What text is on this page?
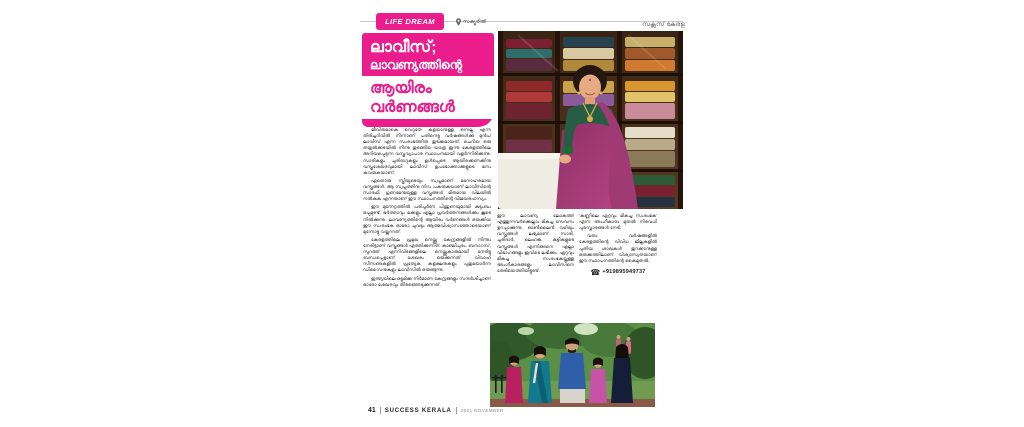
LIFE DREAM	സക്യൂരിൽ	സക്സസ് കേരള
ലാവീസ്;
ലാവണ്യത്തിന്റെ
ആയിരം
വർണങ്ങൾ

ജീവിതമാകെ വെറുതേ കളയാനുള്ള ഒന്നല്ല എന്ന തിരിച്ചറിവിൽ നിന്നാണ് പതിനെട്ടു വർഷങ്ങൾക്കു മുൻപ് ലാവീസ് എന്ന സംരംഭത്തിനു തുടക്കമായത്. ചെറിയ ഒരു തയ്യൽക്കടയിൽ നിന്നു തുടങ്ങിയ യാത്ര ഇന്നു കേരളത്തിലെ അറിയപ്പെടുന്ന വസ്ത്രവ്യാപാര സ്ഥാപനമായി വളർന്നിരിക്കുന്നു. സാരികളും ചുരിദാറുകളും ഉൾപ്പെടെ ആയിരക്കണക്കിനു വസ്ത്രശേഖരവുമായി ലാവീസ് ഉപഭോക്താക്കളുടെ മനം കവരുകയാണ്.

ഏതൊരു സ്ത്രീയുടെയും സ്വപ്നമാണ് മനോഹരമായ വസ്ത്രങ്ങൾ. ആ സ്വപ്നത്തിനു നിറം പകരുകയാണ് ലാവീസിന്റെ സാരഥി. ഗുണമേന്മയുള്ള വസ്ത്രങ്ങൾ മിതമായ വിലയിൽ നൽകുക എന്നതാണ് ഈ സ്ഥാപനത്തിന്റെ വിജയരഹസ്യം.

ഈ മുന്നേറ്റത്തിൽ പരിപൂർണ പിന്തുണയുമായി കുടുംബം ഒപ്പമുണ്ട്. ഭർത്താവും മക്കളും എല്ലാ പ്രവർത്തനങ്ങൾക്കും കൂടെ നിൽക്കുന്നു. ലാവണ്യത്തിന്റെ ആയിരം വർണങ്ങൾ ഒരുക്കിയ ഈ സംരംഭക ഓരോ ചുവടും ആത്മവിശ്വാസത്തോടെയാണ് മുന്നോട്ടു വയ്ക്കുന്നത്.

കേരളത്തിലെ പ്രമുഖ നെയ്ത്തു കേന്ദ്രങ്ങളിൽ നിന്നും നേരിട്ടാണ് വസ്ത്രങ്ങൾ എത്തിക്കുന്നത്. കാഞ്ചീപുരം, ബനാറസ്, സൂറത്ത് എന്നിവിടങ്ങളിലെ നെയ്ത്തുകാരുമായി നേരിട്ടു ബന്ധപ്പെട്ടാണ് ശേഖരം ഒരുക്കുന്നത്. വിവാഹ സീസണുകളിൽ പ്രത്യേക കളക്ഷനുകളും പുതുമയാർന്ന ഡിസൈനുകളും ലാവീസിൽ ഒരുങ്ങുന്നു.

ഇന്ത്യയിലെ ഒട്ടുമിക്ക നിർമാണ കേന്ദ്രങ്ങളും സന്ദർശിച്ചാണ് ഓരോ ശേഖരവും തിരഞ്ഞെടുക്കുന്നത്.

ഈ ലാവണ്യ ലോകത്ത് എത്തുന്നവർക്കെല്ലാം മികച്ച സേവനം ഉറപ്പാക്കുന്നു. ഓൺലൈൻ വഴിയും വസ്ത്രങ്ങൾ ലഭ്യമാണ്. സാരി, ചുരിദാർ, ലെഹങ്ക, കുട്ടികളുടെ വസ്ത്രങ്ങൾ എന്നിങ്ങനെ എല്ലാ വിഭാഗങ്ങളും ഇവിടെ ലഭിക്കും. ഏറ്റവും മികച്ച സംരംഭകയ്ക്കുള്ള അംഗീകാരങ്ങളും ലാവീസിനെ തേടിയെത്തിയിട്ടുണ്ട്.

'കണ്ണിലെ ഏറ്റവും മികച്ച സംരംഭക' എന്ന അംഗീകാരം മുതൽ നിരവധി പുരസ്കാരങ്ങൾ നേടി.

വരും വർഷങ്ങളിൽ കേരളത്തിന്റെ വിവിധ ജില്ലകളിൽ പുതിയ ശാഖകൾ തുറക്കാനുള്ള ഒരുക്കത്തിലാണ്. വിശ്വാസ്യതയാണ് ഈ സ്ഥാപനത്തിന്റെ കൈമുതൽ.

☎ +919895949737
41 SUCCESS KERALA 2021 NOVEMBER
